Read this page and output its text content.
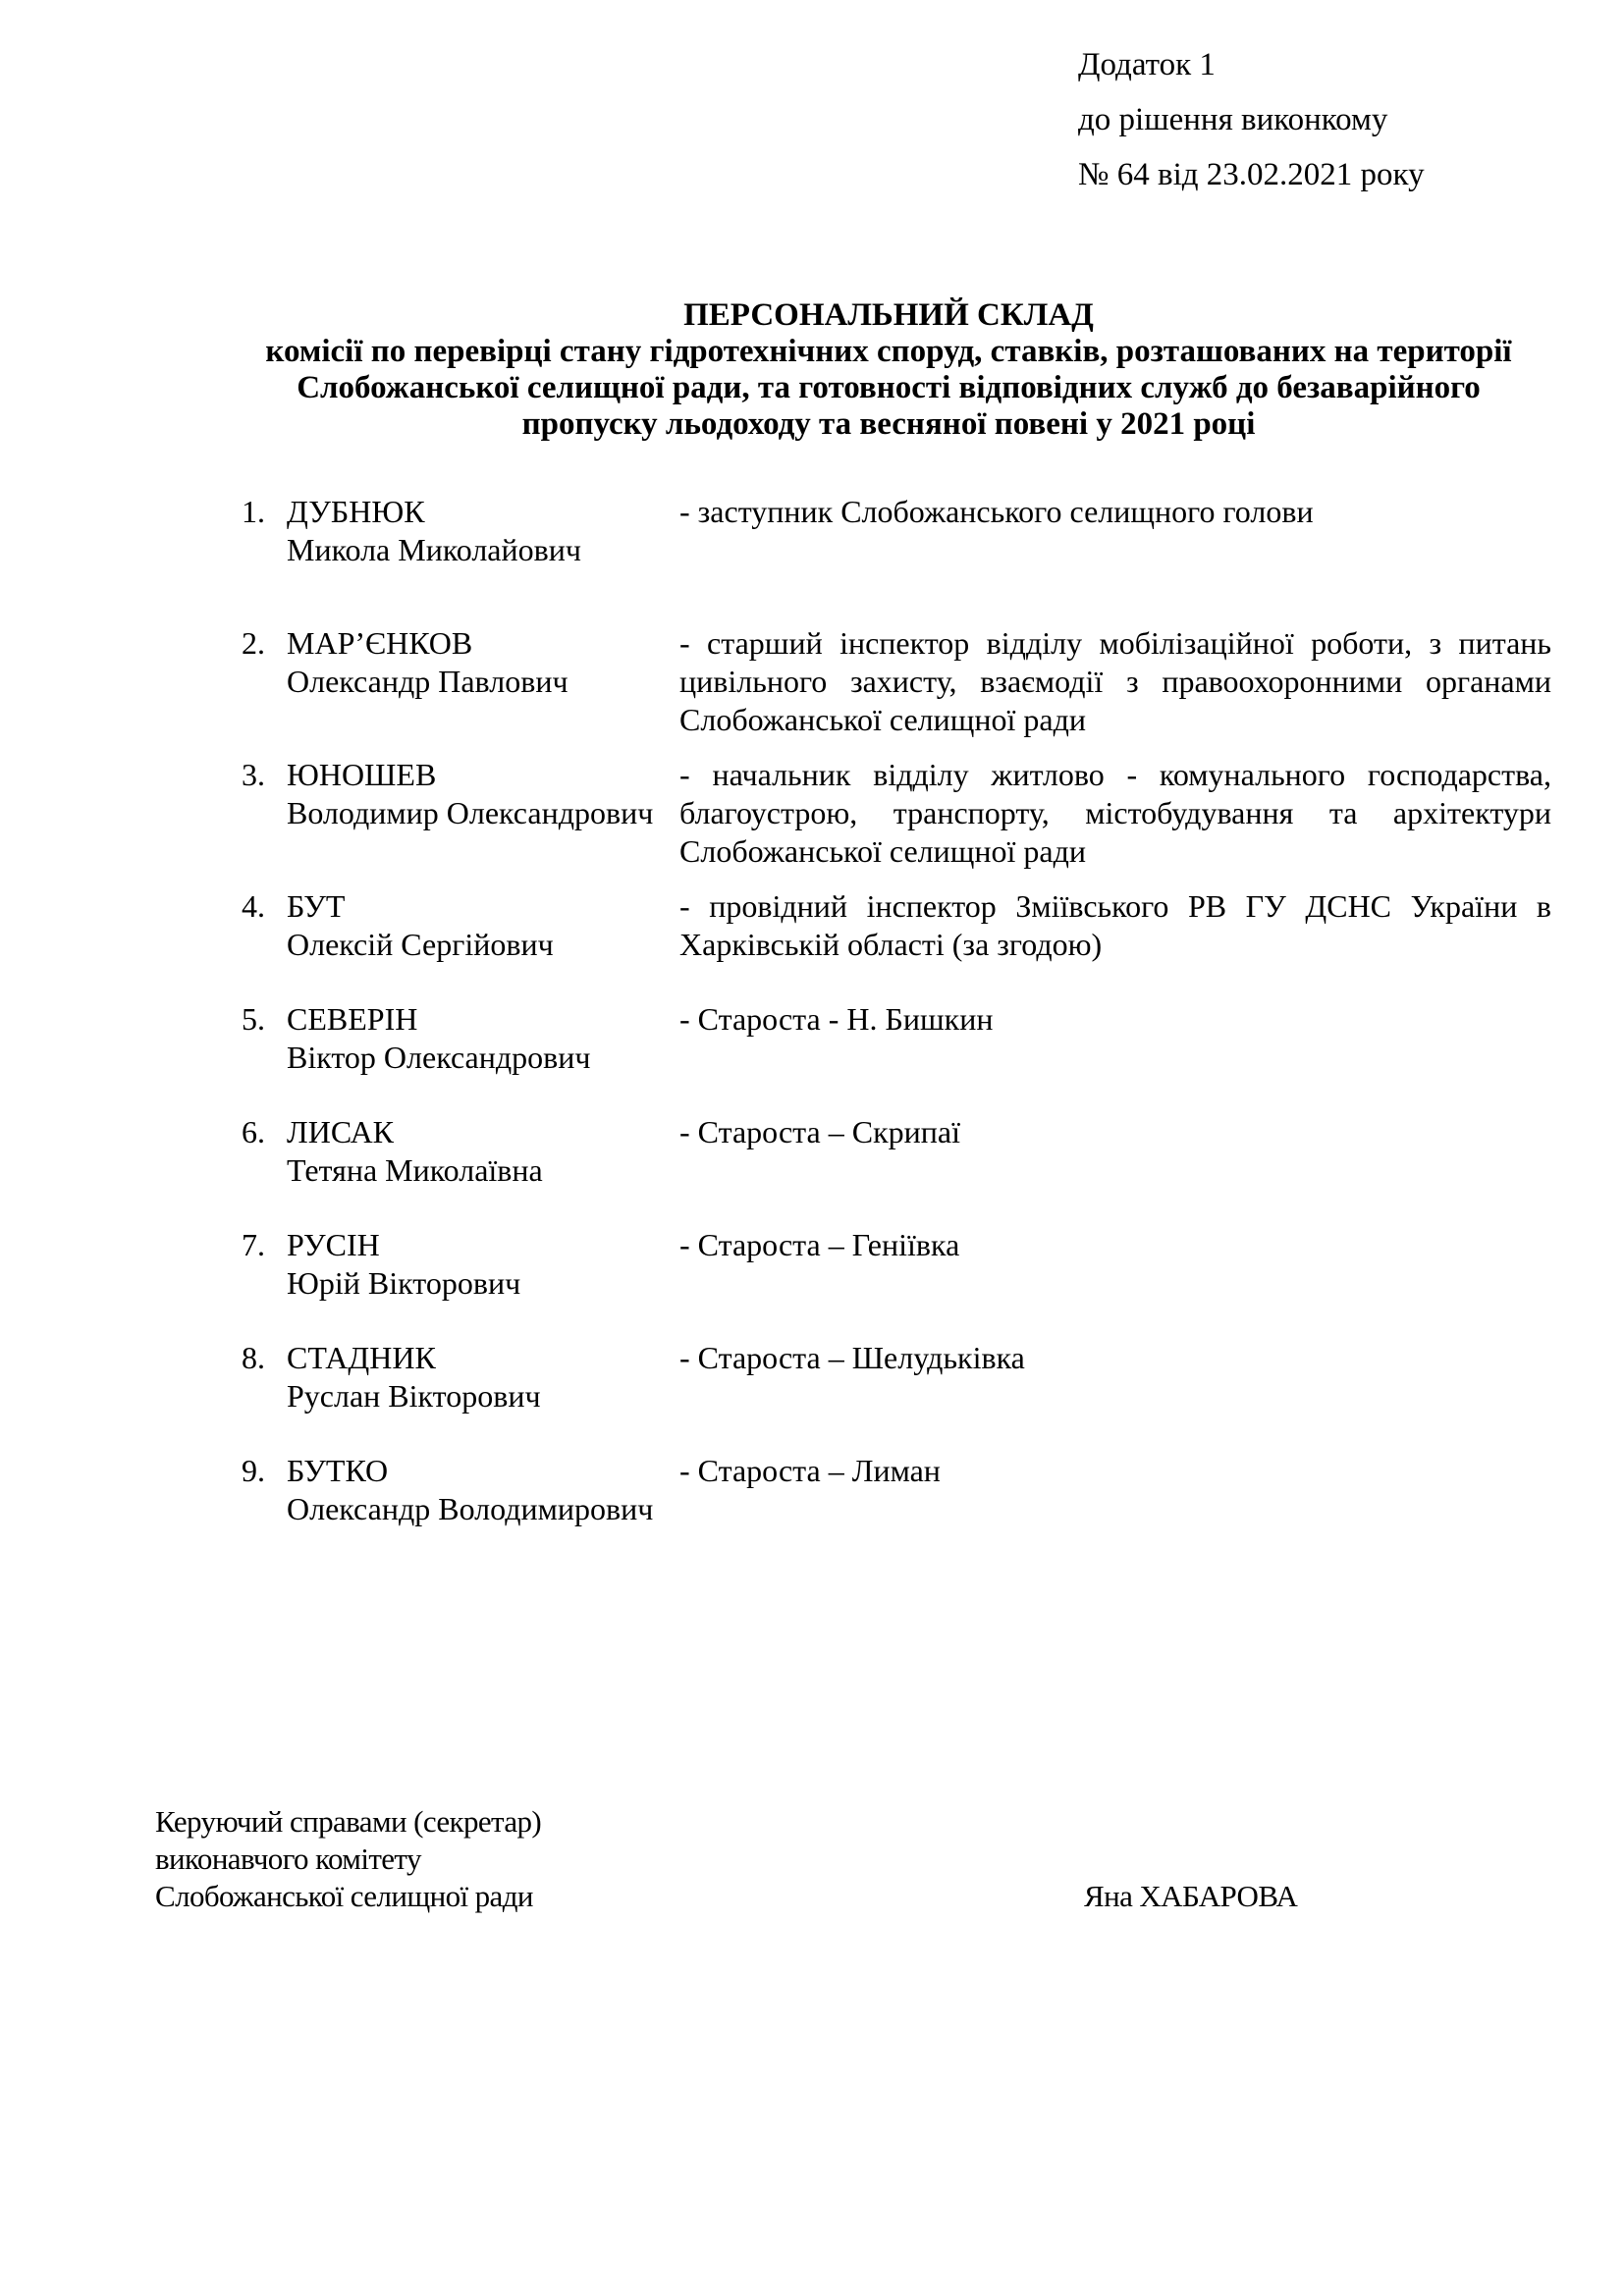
Додаток 1
до рішення виконкому
№ 64 від 23.02.2021 року
ПЕРСОНАЛЬНИЙ СКЛАД
комісії по перевірці стану гідротехнічних споруд, ставків, розташованих на території
Слобожанської селищної ради, та готовності відповідних служб до безаварійного
пропуску льодоходу та весняної повені у 2021 році
1. ДУБНЮК
Микола Миколайович
- заступник Слобожанського селищного голови
2. МАР’ЄНКОВ
Олександр Павлович
- старший інспектор відділу мобілізаційної роботи, з питань цивільного захисту, взаємодії з правоохоронними органами Слобожанської селищної ради
3. ЮНОШЕВ
Володимир Олександрович
- начальник відділу житлово - комунального господарства, благоустрою, транспорту, містобудування та архітектури Слобожанської селищної ради
4. БУТ
Олексій Сергійович
- провідний інспектор Зміївського РВ ГУ ДСНС України в Харківській області (за згодою)
5. СЕВЕРІН
Віктор Олександрович
- Староста - Н. Бишкин
6. ЛИСАК
Тетяна Миколаївна
- Староста – Скрипаї
7. РУСІН
Юрій Вікторович
- Староста – Геніївка
8. СТАДНИК
Руслан Вікторович
- Староста – Шелудьківка
9. БУТКО
Олександр Володимирович
- Староста – Лиман
Керуючий справами (секретар)
виконавчого комітету
Слобожанської селищної ради	Яна ХАБАРОВА
